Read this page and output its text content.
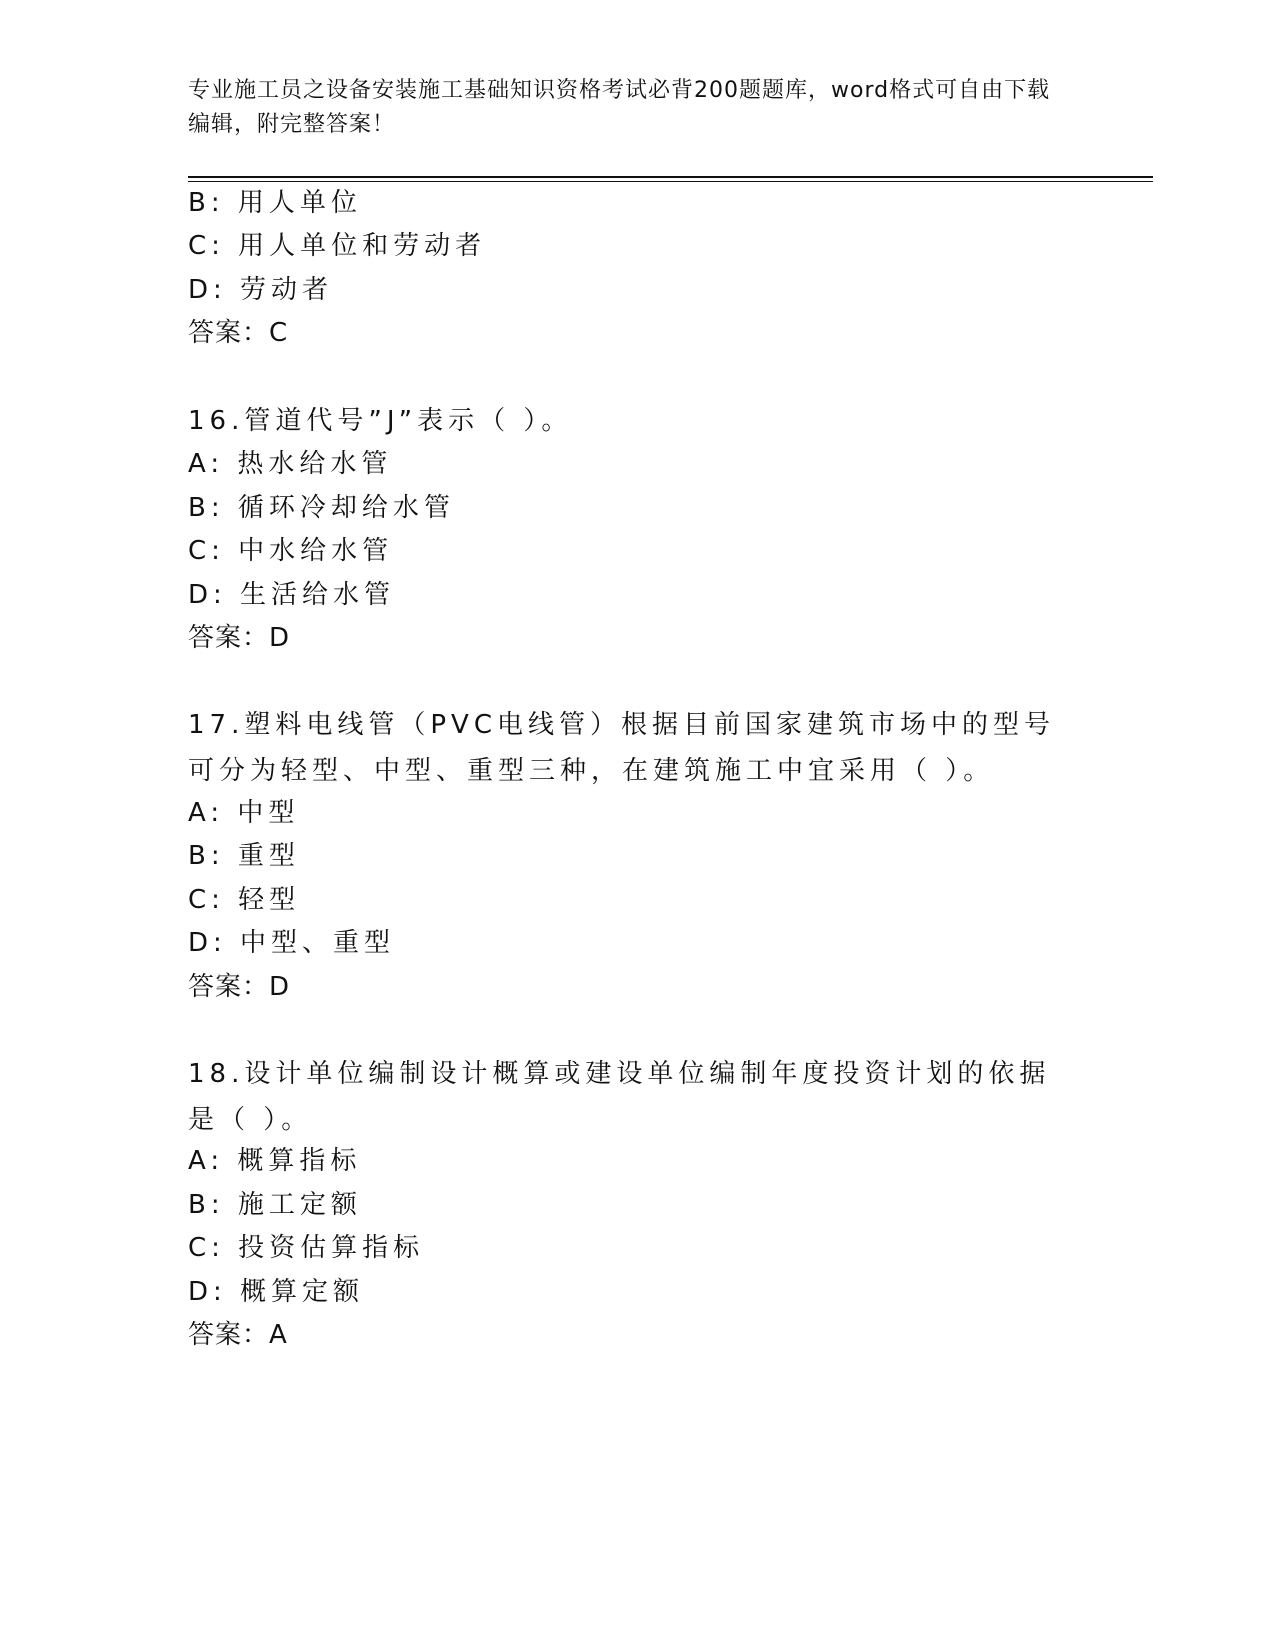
专业施工员之设备安装施工基础知识资格考试必背200题题库，word格式可自由下载编辑，附完整答案！

B: 用人单位

C: 用人单位和劳动者

D: 劳动者

答案：C

16.管道代号”J”表示（ ）。

A: 热水给水管

B: 循环冷却给水管

C: 中水给水管

D: 生活给水管

答案：D

17.塑料电线管（PVC电线管）根据目前国家建筑市场中的型号可分为轻型、中型、重型三种，在建筑施工中宜采用（ ）。

A: 中型

B: 重型

C: 轻型

D: 中型、重型

答案：D

18.设计单位编制设计概算或建设单位编制年度投资计划的依据是（ ）。

A: 概算指标

B: 施工定额

C: 投资估算指标

D: 概算定额

答案：A
